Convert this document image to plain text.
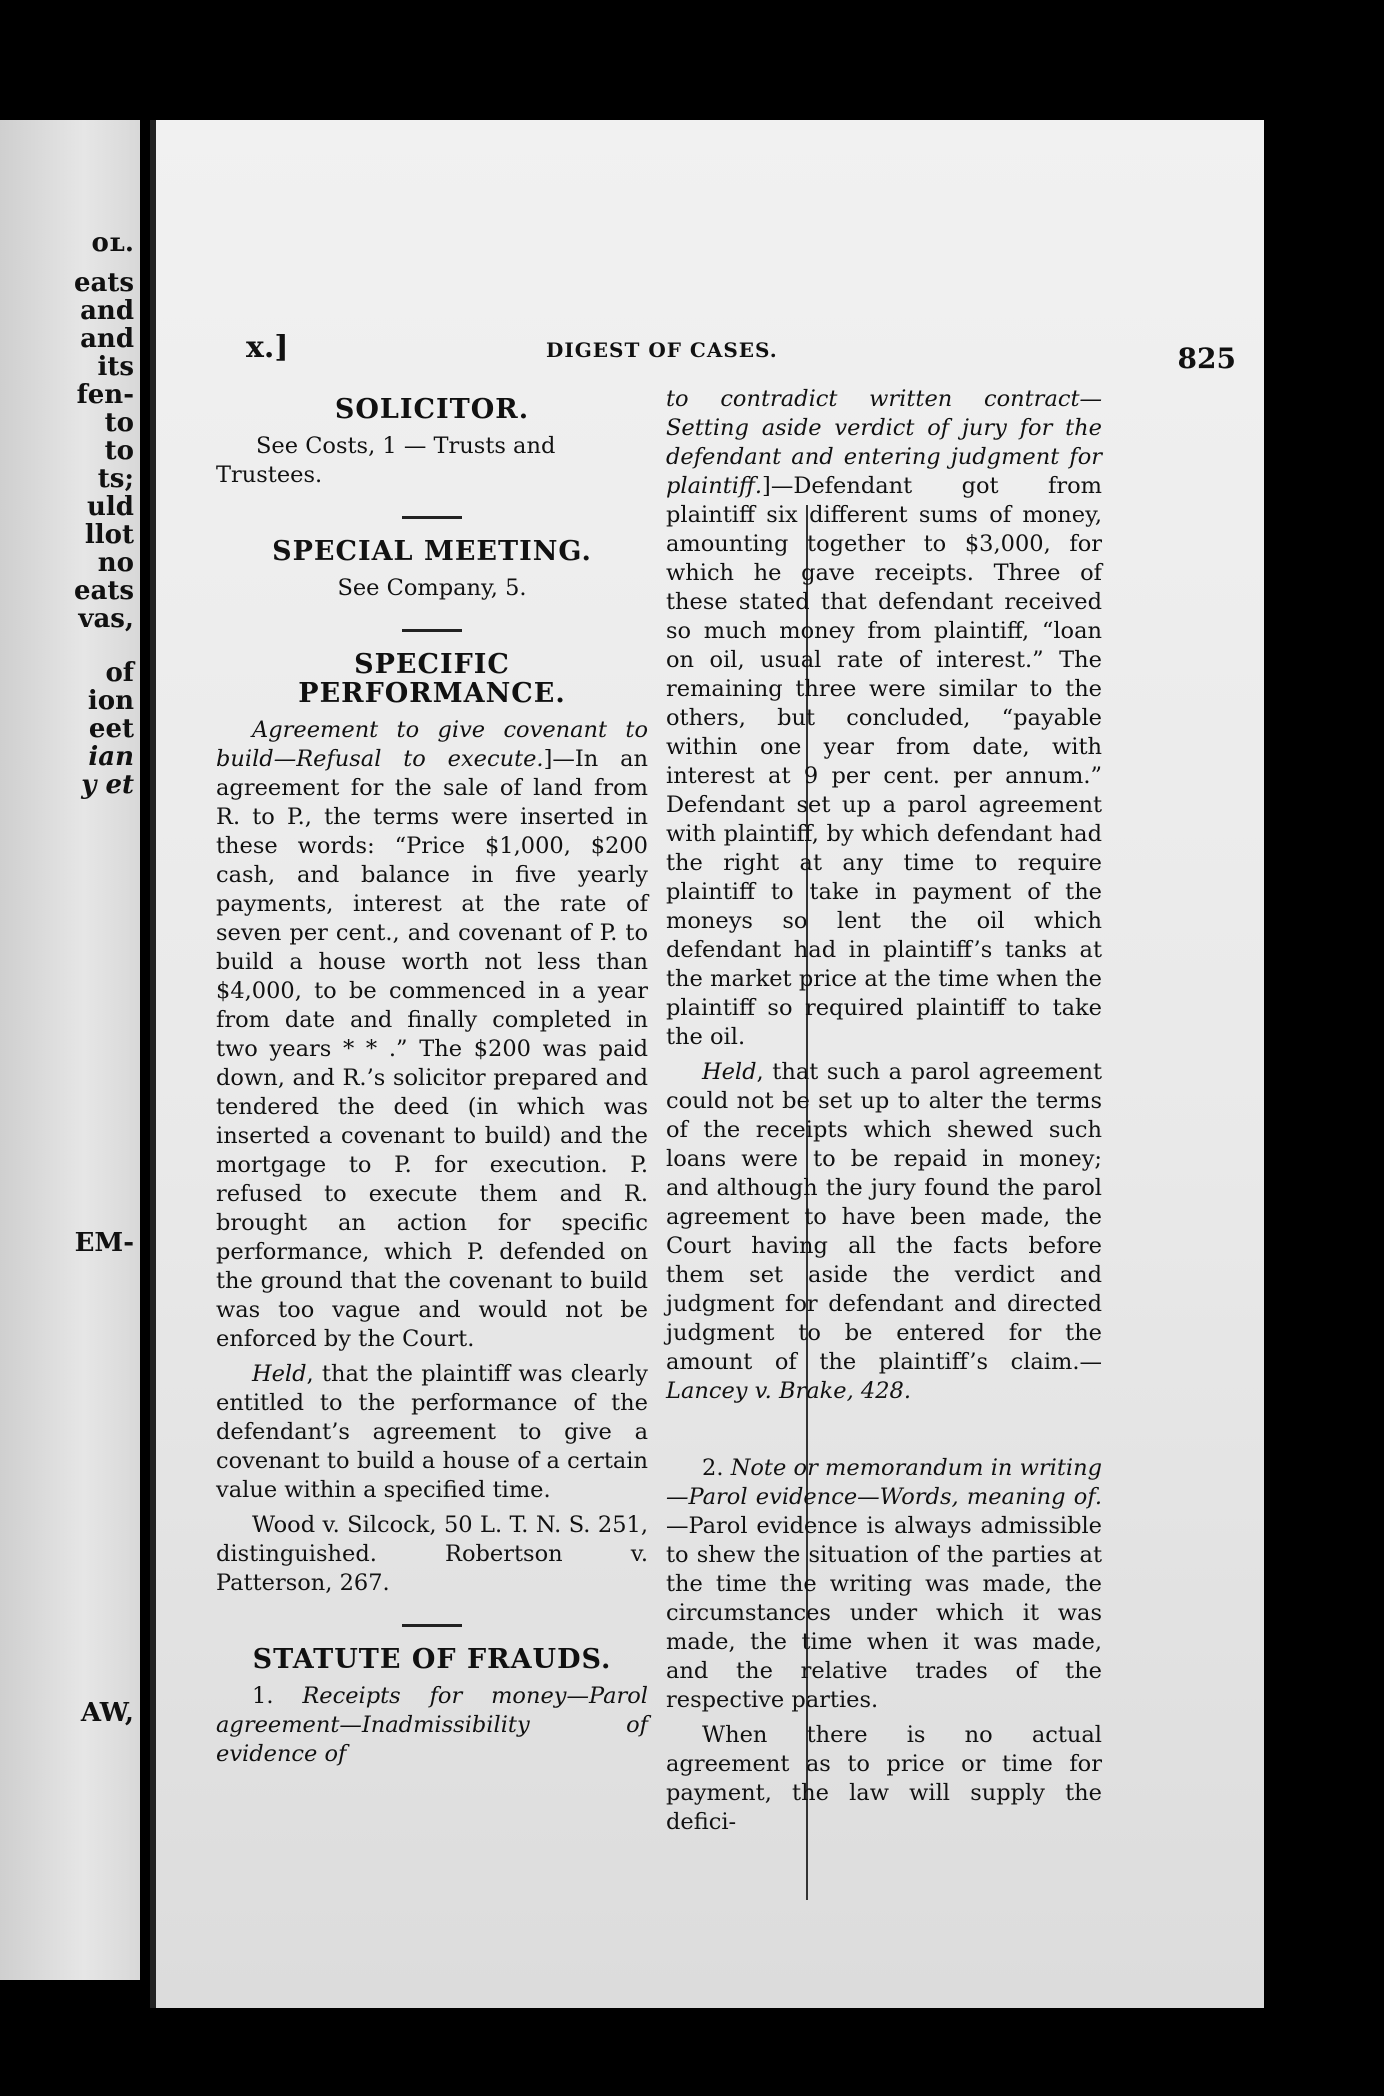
ᴏʟ.
eats
and
and
its
fen-
to
to
ts;
uld
llot
no
eats
vas,
of
ion
eet
ian
y et
EM-
AW,
x.]	DIGEST OF CASES.	825
SOLICITOR.
See Costs, 1 — Trusts and Trustees.
SPECIAL MEETING.
See Company, 5.
SPECIFIC PERFORMANCE.

Agreement to give covenant to build—Refusal to execute.]—In an agreement for the sale of land from R. to P., the terms were inserted in these words: “Price $1,000, $200 cash, and balance in five yearly payments, interest at the rate of seven per cent., and covenant of P. to build a house worth not less than $4,000, to be commenced in a year from date and finally completed in two years * * .” The $200 was paid down, and R.’s solicitor prepared and tendered the deed (in which was inserted a covenant to build) and the mortgage to P. for execution. P. refused to execute them and R. brought an action for specific performance, which P. defended on the ground that the covenant to build was too vague and would not be enforced by the Court.

Held, that the plaintiff was clearly entitled to the performance of the defendant’s agreement to give a covenant to build a house of a certain value within a specified time.

Wood v. Silcock, 50 L. T. N. S. 251, distinguished. Robertson v. Patterson, 267.

STATUTE OF FRAUDS.

1. Receipts for money—Parol agreement—Inadmissibility of evidence of

to contradict written contract—Setting aside verdict of jury for the defendant and entering judgment for plaintiff.]—Defendant got from plaintiff six different sums of money, amounting together to $3,000, for which he gave receipts. Three of these stated that defendant received so much money from plaintiff, “loan on oil, usual rate of interest.” The remaining three were similar to the others, but concluded, “payable within one year from date, with interest at 9 per cent. per annum.” Defendant set up a parol agreement with plaintiff, by which defendant had the right at any time to require plaintiff to take in payment of the moneys so lent the oil which defendant had in plaintiff’s tanks at the market price at the time when the plaintiff so required plaintiff to take the oil.

Held, that such a parol agreement could not be set up to alter the terms of the receipts which shewed such loans were to be repaid in money; and although the jury found the parol agreement to have been made, the Court having all the facts before them set aside the verdict and judgment for defendant and directed judgment to be entered for the amount of the plaintiff’s claim.—Lancey v. Brake, 428.

2. Note or memorandum in writing—Parol evidence—Words, meaning of.—Parol evidence is always admissible to shew the situation of the parties at the time the writing was made, the circumstances under which it was made, the time when it was made, and the relative trades of the respective parties.

When there is no actual agreement as to price or time for payment, the law will supply the defici-
